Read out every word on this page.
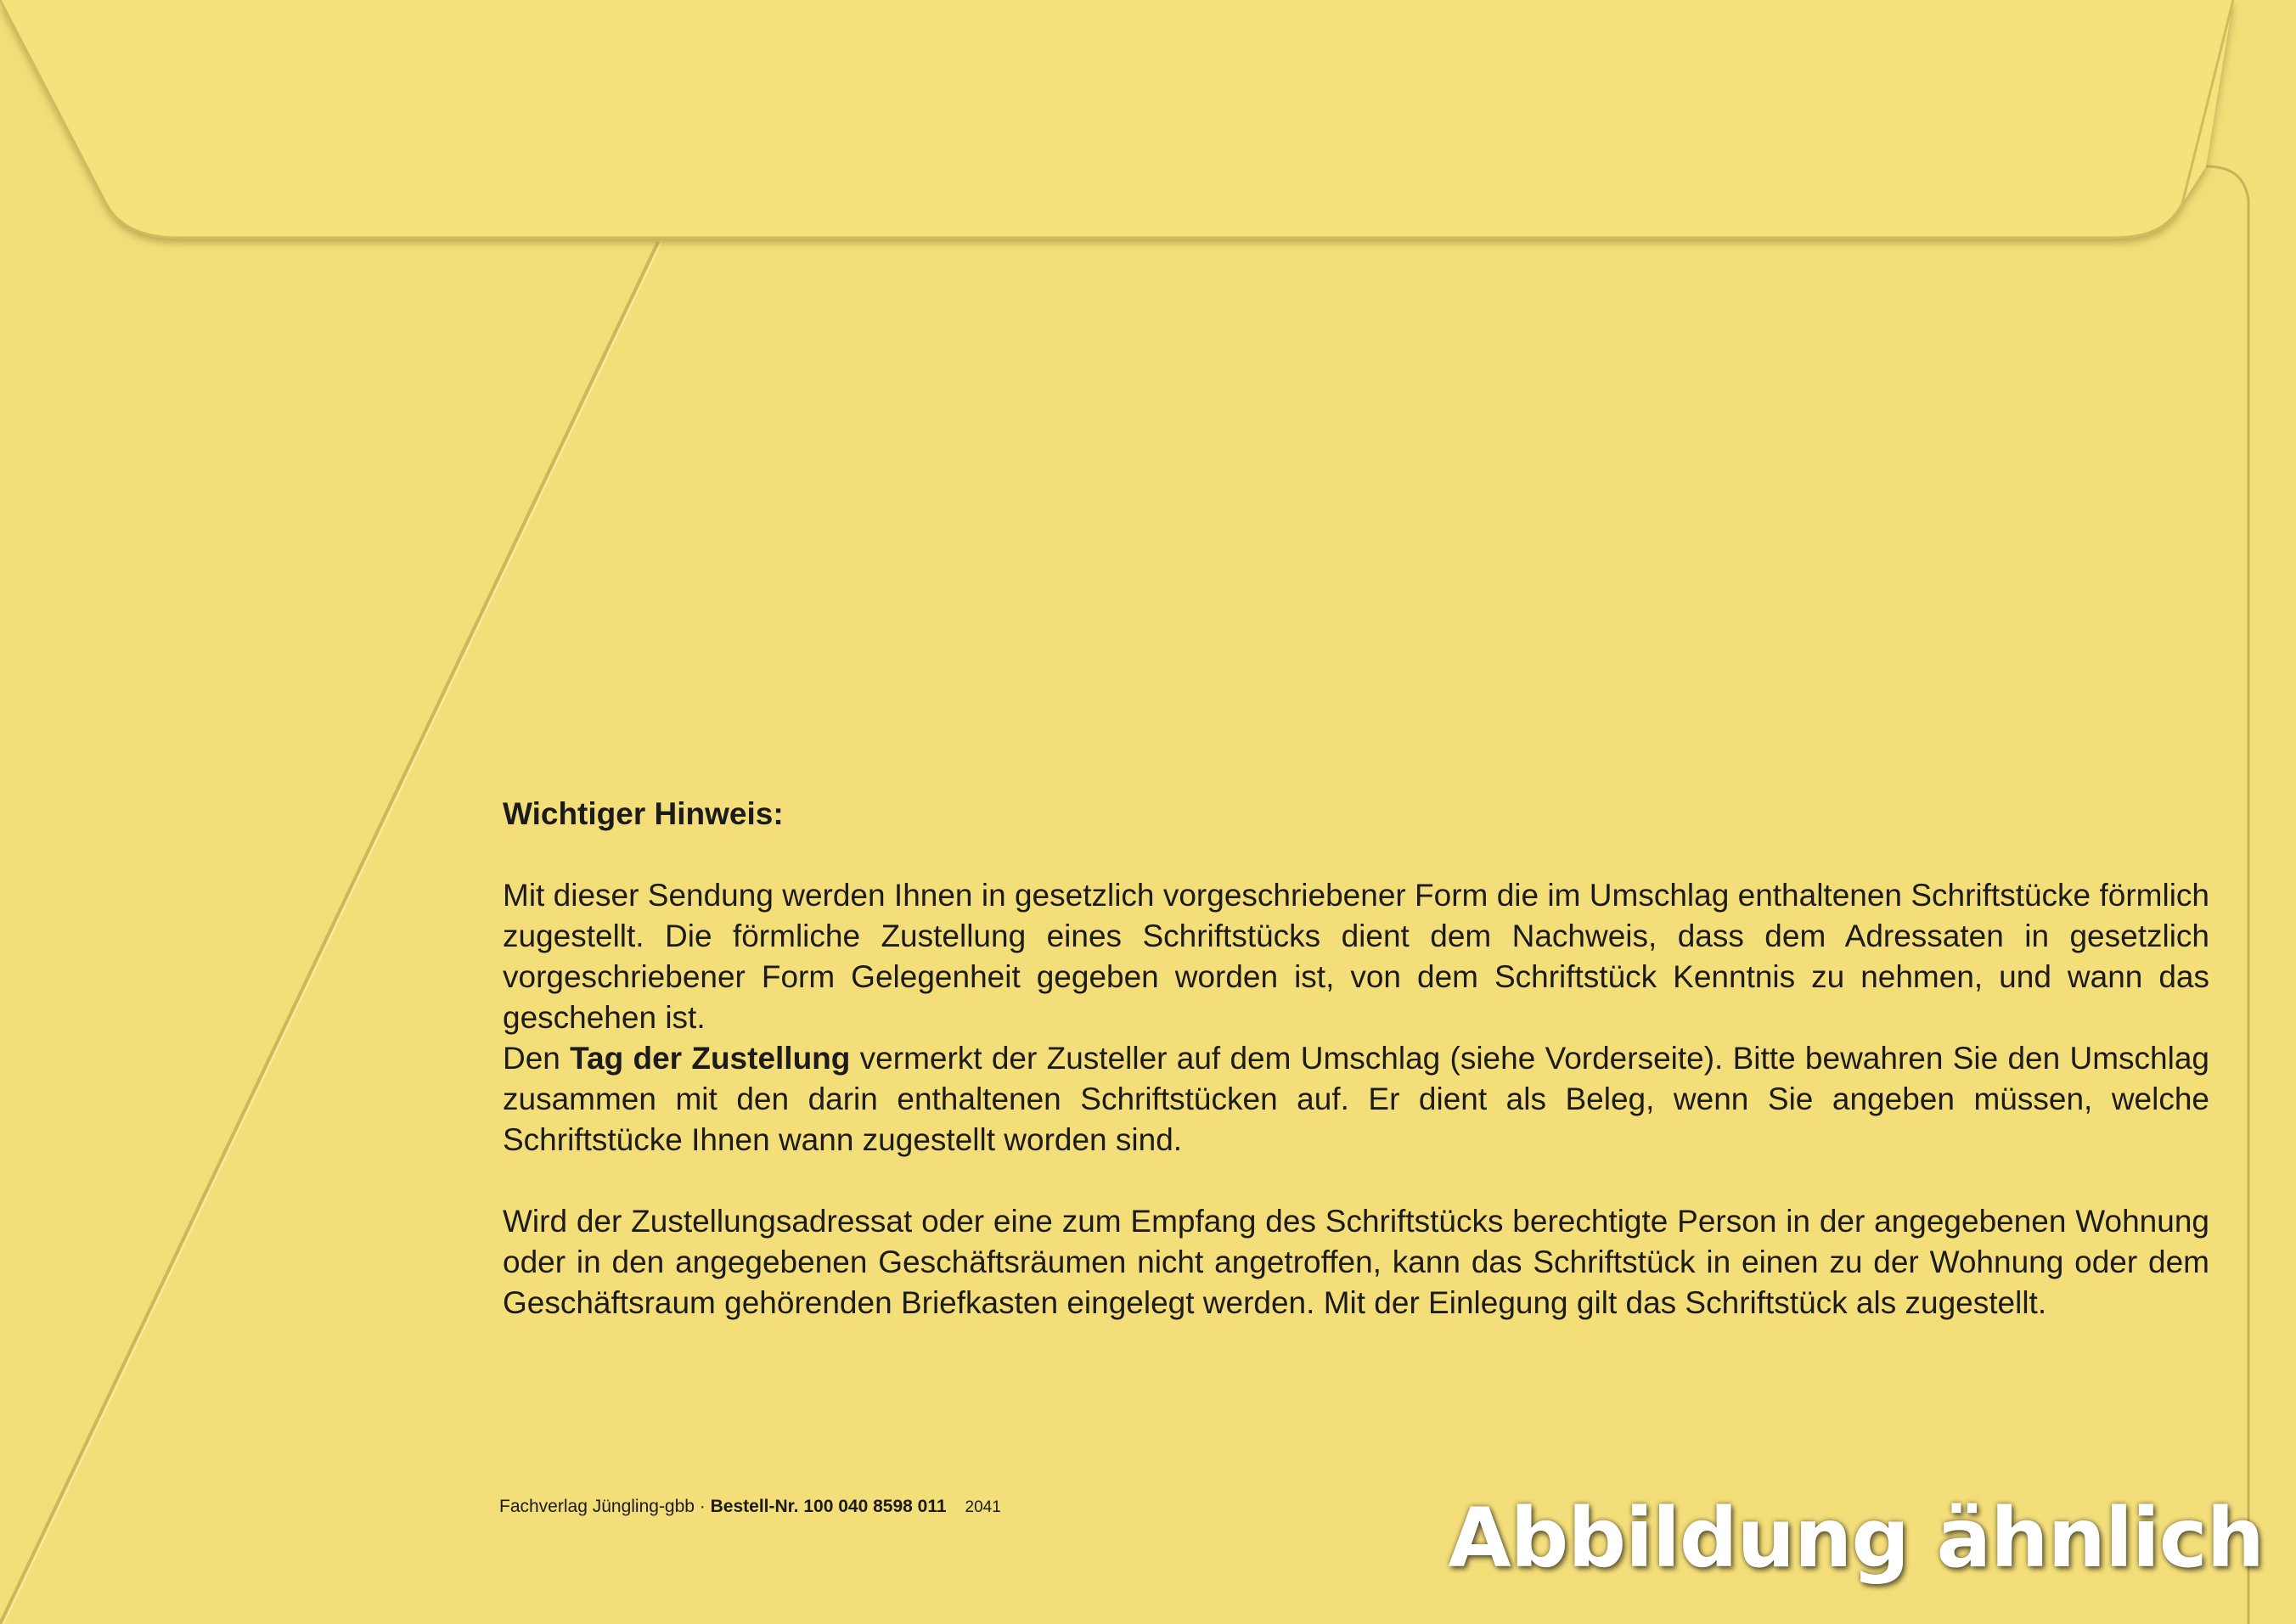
Wichtiger Hinweis:

Mit dieser Sendung werden Ihnen in gesetzlich vorgeschriebener Form die im Umschlag enthaltenen Schriftstücke förmlich zugestellt. Die förmliche Zustellung eines Schriftstücks dient dem Nachweis, dass dem Adressaten in gesetzlich vorgeschriebener Form Gelegenheit gegeben worden ist, von dem Schriftstück Kenntnis zu nehmen, und wann das geschehen ist.

Den Tag der Zustellung vermerkt der Zusteller auf dem Umschlag (siehe Vorderseite). Bitte bewahren Sie den Umschlag zusammen mit den darin enthaltenen Schriftstücken auf. Er dient als Beleg, wenn Sie angeben müssen, welche Schriftstücke Ihnen wann zugestellt worden sind.

Wird der Zustellungsadressat oder eine zum Empfang des Schriftstücks berechtigte Person in der angegebenen Wohnung oder in den angegebenen Geschäftsräumen nicht angetroffen, kann das Schriftstück in einen zu der Wohnung oder dem Geschäftsraum gehörenden Briefkasten eingelegt werden. Mit der Einlegung gilt das Schriftstück als zugestellt.

Fachverlag Jüngling-gbb · Bestell-Nr. 100 040 8598 011 2041	Abbildung ähnlich
